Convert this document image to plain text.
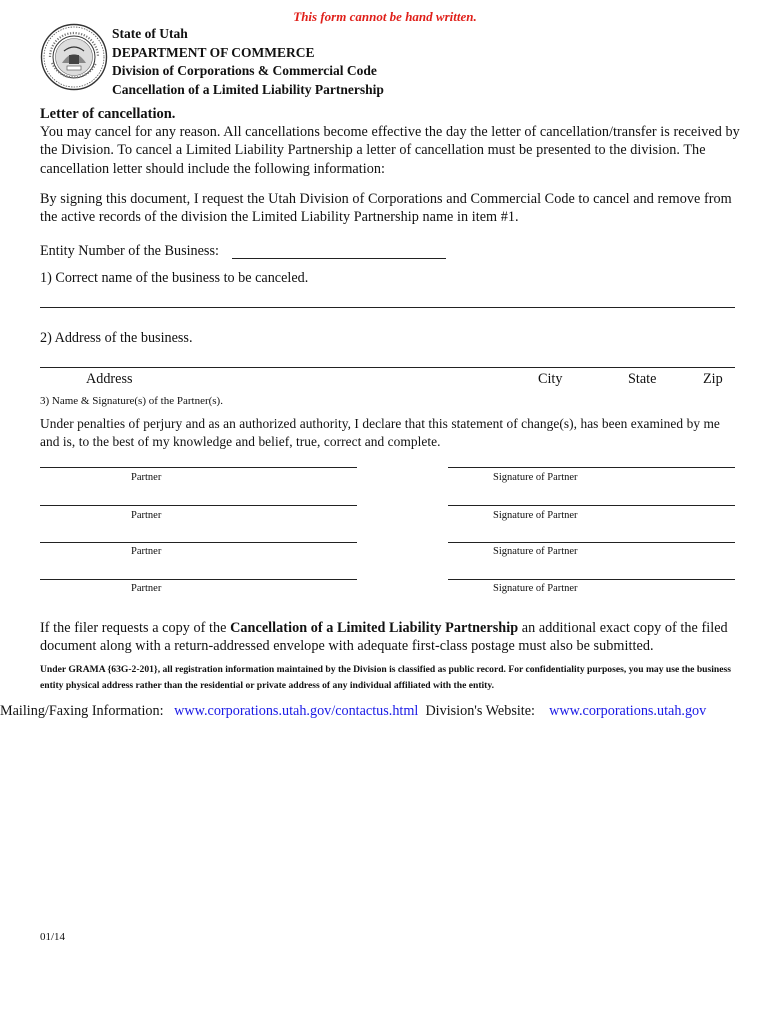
This form cannot be hand written.
State of Utah
DEPARTMENT OF COMMERCE
Division of Corporations & Commercial Code
Cancellation of a Limited Liability Partnership
Letter of cancellation.
You may cancel for any reason. All cancellations become effective the day the letter of cancellation/transfer is received by the Division. To cancel a Limited Liability Partnership a letter of cancellation must be presented to the division. The cancellation letter should include the following information:
By signing this document, I request the Utah Division of Corporations and Commercial Code to cancel and remove from the active records of the division the Limited Liability Partnership name in item #1.
Entity Number of the Business:
1) Correct name of the business to be canceled.
2) Address of the business.
Address	City	State	Zip
3) Name & Signature(s) of the Partner(s).
Under penalties of perjury and as an authorized authority, I declare that this statement of change(s), has been examined by me and is, to the best of my knowledge and belief, true, correct and complete.
Partner	Signature of Partner
Partner	Signature of Partner
Partner	Signature of Partner
Partner	Signature of Partner
If the filer requests a copy of the Cancellation of a Limited Liability Partnership an additional exact copy of the filed document along with a return-addressed envelope with adequate first-class postage must also be submitted.
Under GRAMA {63G-2-201}, all registration information maintained by the Division is classified as public record. For confidentiality purposes, you may use the business entity physical address rather than the residential or private address of any individual affiliated with the entity.
Mailing/Faxing Information: www.corporations.utah.gov/contactus.html Division's Website: www.corporations.utah.gov
01/14
